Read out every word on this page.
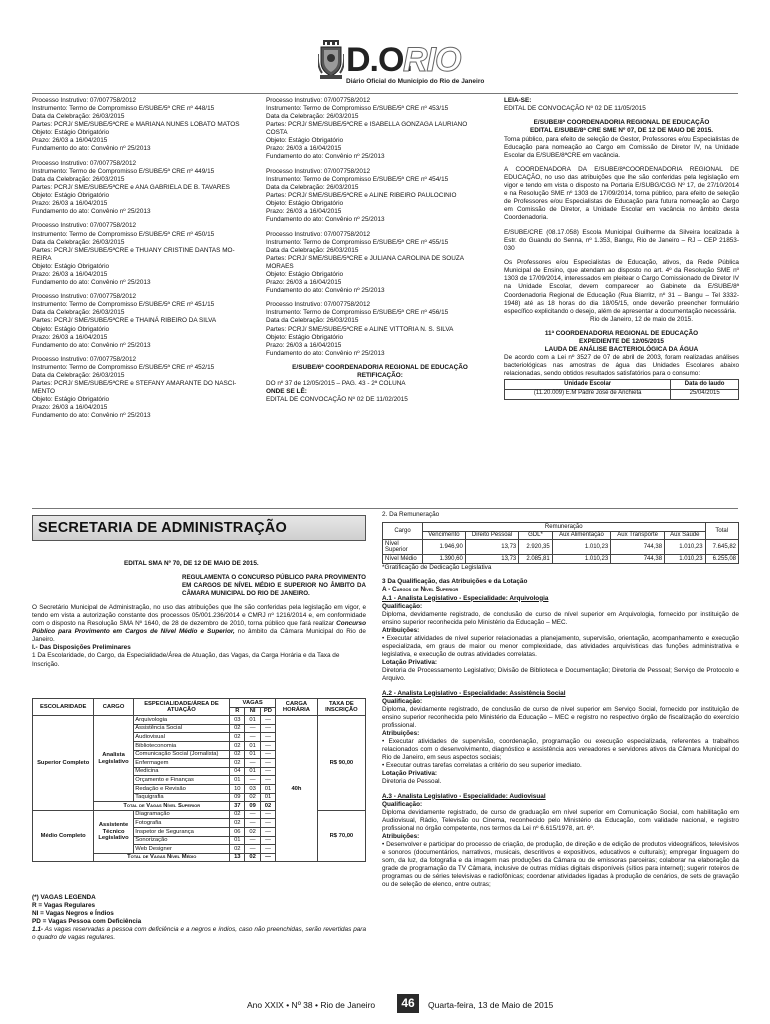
D.O.
RIO
Diário Oficial do Município do Rio de Janeiro
Processo Instrutivo: 07/007758/2012
Instrumento: Termo de Compromisso E/SUBE/5ª CRE nº 448/15
Data da Celebração: 26/03/2015
Partes: PCRJ/ SME/SUBE/5ªCRE e MARIANA NUNES LOBATO MATOS
Objeto: Estágio Obrigatório
Prazo: 26/03 a 16/04/2015
Fundamento do ato: Convênio nº 25/2013
Processo Instrutivo: 07/007758/2012
Instrumento: Termo de Compromisso E/SUBE/5ª CRE nº 449/15
Data da Celebração: 26/03/2015
Partes: PCRJ/ SME/SUBE/5ªCRE e ANA GABRIELA DE B. TAVARES
Objeto: Estágio Obrigatório
Prazo: 26/03 a 16/04/2015
Fundamento do ato: Convênio nº 25/2013
Processo Instrutivo: 07/007758/2012
Instrumento: Termo de Compromisso E/SUBE/5ª CRE nº 450/15
Data da Celebração: 26/03/2015
Partes: PCRJ/ SME/SUBE/5ªCRE e THUANY CRISTINE DANTAS MO-
REIRA
Objeto: Estágio Obrigatório
Prazo: 26/03 a 16/04/2015
Fundamento do ato: Convênio nº 25/2013
Processo Instrutivo: 07/007758/2012
Instrumento: Termo de Compromisso E/SUBE/5ª CRE nº 451/15
Data da Celebração: 26/03/2015
Partes: PCRJ/ SME/SUBE/5ªCRE e THAINÁ RIBEIRO DA SILVA
Objeto: Estágio Obrigatório
Prazo: 26/03 a 16/04/2015
Fundamento do ato: Convênio nº 25/2013
Processo Instrutivo: 07/007758/2012
Instrumento: Termo de Compromisso E/SUBE/5ª CRE nº 452/15
Data da Celebração: 26/03/2015
Partes: PCRJ/ SME/SUBE/5ªCRE e STEFANY AMARANTE DO NASCI-
MENTO
Objeto: Estágio Obrigatório
Prazo: 26/03 a 16/04/2015
Fundamento do ato: Convênio nº 25/2013
Processo Instrutivo: 07/007758/2012
Instrumento: Termo de Compromisso E/SUBE/5ª CRE nº 453/15
Data da Celebração: 26/03/2015
Partes: PCRJ/ SME/SUBE/5ªCRE e ISABELLA GONZAGA LAURIANO
COSTA
Objeto: Estágio Obrigatório
Prazo: 26/03 a 16/04/2015
Fundamento do ato: Convênio nº 25/2013
Processo Instrutivo: 07/007758/2012
Instrumento: Termo de Compromisso E/SUBE/5ª CRE nº 454/15
Data da Celebração: 26/03/2015
Partes: PCRJ/ SME/SUBE/5ªCRE e ALINE RIBEIRO PAULOCINIO
Objeto: Estágio Obrigatório
Prazo: 26/03 a 16/04/2015
Fundamento do ato: Convênio nº 25/2013
Processo Instrutivo: 07/007758/2012
Instrumento: Termo de Compromisso E/SUBE/5ª CRE nº 455/15
Data da Celebração: 26/03/2015
Partes: PCRJ/ SME/SUBE/5ªCRE e JULIANA CAROLINA DE SOUZA
MORAES
Objeto: Estágio Obrigatório
Prazo: 26/03 a 16/04/2015
Fundamento do ato: Convênio nº 25/2013
Processo Instrutivo: 07/007758/2012
Instrumento: Termo de Compromisso E/SUBE/5ª CRE nº 456/15
Data da Celebração: 26/03/2015
Partes: PCRJ/ SME/SUBE/5ªCRE e ALINE VITTORIA N. S. SILVA
Objeto: Estágio Obrigatório
Prazo: 26/03 a 16/04/2015
Fundamento do ato: Convênio nº 25/2013
E/SUBE/6ª COORDENADORIA REGIONAL DE EDUCAÇÃO
RETIFICAÇÃO:
DO nº 37 de 12/05/2015 – PAG. 43 - 2ª COLUNA
ONDE SE LÊ:
EDITAL DE CONVOCAÇÃO Nº 02 DE 11/02/2015
LEIA-SE:
EDITAL DE CONVOCAÇÃO Nº 02 DE 11/05/2015
E/SUBE/8ª COORDENADORIA REGIONAL DE EDUCAÇÃO
EDITAL E/SUBE/8ª CRE SME Nº 07, DE 12 DE MAIO DE 2015.
Torna público, para efeito de seleção de Gestor, Professores e/ou Especialistas de Educação para nomeação ao Cargo em Comissão de Diretor IV, na Unidade Escolar da E/SUBE/8ªCRE em vacância.
A COORDENADORA DA E/SUBE/8ªCOORDENADORIA REGIONAL DE EDUCAÇÃO, no uso das atribuições que lhe são conferidas pela legislação em vigor e tendo em vista o disposto na Portaria E/SUBG/CGG Nº 17, de 27/10/2014 e na Resolução SME nº 1303 de 17/09/2014, torna público, para efeito de seleção de Professores e/ou Especialistas de Educação para futura nomeação ao Cargo em Comissão de Diretor, a Unidade Escolar em vacância no âmbito desta Coordenadoria.
E/SUBE/CRE (08.17.058) Escola Municipal Guilherme da Silveira localizada à Estr. do Guandu do Senna, nº 1.353, Bangu, Rio de Janeiro – RJ – CEP 21853-030
Os Professores e/ou Especialistas de Educação, ativos, da Rede Pública Municipal de Ensino, que atendam ao disposto no art. 4º da Resolução SME nº 1303 de 17/09/2014, interessados em pleitear o Cargo Comissionado de Diretor IV na Unidade Escolar, devem comparecer ao Gabinete da E/SUBE/8ª Coordenadoria Regional de Educação (Rua Biarritz, nº 31 – Bangu – Tel 3332-1948) até as 18 horas do dia 18/05/15, onde deverão preencher formulário específico explicitando o desejo, além de apresentar a documentação necessária.
Rio de Janeiro, 12 de maio de 2015.
11ª COORDENADORIA REGIONAL DE EDUCAÇÃO
EXPEDIENTE DE 12/05/2015
LAUDA DE ANÁLISE BACTERIOLÓGICA DA ÁGUA
De acordo com a Lei nº 3527 de 07 de abril de 2003, foram realizadas análises bacteriológicas nas amostras de água das Unidades Escolares abaixo relacionadas, sendo obtidos resultados satisfatórios para o consumo:
Unidade Escolar	Data do laudo
(11.20.009) E.M Padre José de Anchieta	25/04/2015
SECRETARIA DE ADMINISTRAÇÃO
EDITAL SMA Nº 70, DE 12 DE MAIO DE 2015.
REGULAMENTA O CONCURSO PÚBLICO PARA PROVIMENTO EM CARGOS DE NÍVEL MÉDIO E SUPERIOR NO ÂMBITO DA CÂMARA MUNICIPAL DO RIO DE JANEIRO.
O Secretário Municipal de Administração, no uso das atribuições que lhe são conferidas pela legislação em vigor, e tendo em vista a autorização constante dos processos 05/001.236/2014 e CMRJ nº 1216/2014 e, em conformidade com o disposto na Resolução SMA Nº 1640, de 28 de dezembro de 2010, torna público que fará realizar Concurso Público para Provimento em Cargos de Nível Médio e Superior, no âmbito da Câmara Municipal do Rio de Janeiro.
I.- Das Disposições Preliminares
1 Da Escolaridade, do Cargo, da Especialidade/Área de Atuação, das Vagas, da Carga Horária e da Taxa de Inscrição.
ESCOLARIDADE	CARGO	ESPECIALIDADE/ÁREA DE ATUAÇÃO	VAGAS			CARGA HORÁRIA	TAXA DE INSCRIÇÃO
			R	NI	PD		
Superior Completo	Analista Legislativo	Arquivologia	03	01	—	40h	R$ 90,00
		Assistência Social	02	—	—		
		Audiovisual	02	—	—		
		Biblioteconomia	02	01	—		
		Comunicação Social (Jornalista)	02	01	—		
		Enfermagem	02	—	—		
		Medicina	04	01	—		
		Orçamento e Finanças	01	—	—		
		Redação e Revisão	10	03	01		
		Taquigrafia	09	02	01		
	Total de Vagas Nível Superior		37	09	02		
Médio Completo	Assistente Técnico Legislativo	Diagramação	02	—	—		R$ 70,00
		Fotografia	02	—	—		
		Inspetor de Segurança	06	02	—		
		Sonorização	01	—	—		
		Web Designer	02	—	—		
	Total de Vagas Nível Médio		13	02	—		
(*) VAGAS LEGENDA
R = Vagas Regulares
NI = Vagas Negros e Índios
PD = Vagas Pessoa com Deficiência
1.1- As vagas reservadas a pessoa com deficiência e a negros e índios, caso não preenchidas, serão revertidas para o quadro de vagas regulares.
2. Da Remuneração
Cargo	Remuneração						Total
	Vencimento	Direito Pessoal	GDL*	Aux Alimentação	Aux Transporte	Aux Saúde	
Nível Superior	1.946,90	13,73	2.920,35	1.010,23	744,38	1.010,23	7.645,82
Nível Médio	1.390,60	13,73	2.085,81	1.010,23	744,38	1.010,23	6.255,08
*Gratificação de Dedicação Legislativa
3 Da Qualificação, das Atribuições e da Lotação
A - Cargos de Nível Superior
A.1 - Analista Legislativo - Especialidade: Arquivologia
Qualificação:
Diploma, devidamente registrado, de conclusão de curso de nível superior em Arquivologia, fornecido por instituição de ensino superior reconhecida pelo Ministério da Educação – MEC.
Atribuições:
• Executar atividades de nível superior relacionadas a planejamento, supervisão, orientação, acompanhamento e execução especializada, em graus de maior ou menor complexidade, das atividades arquivísticas das funções administrativa e legislativa, e execução de outras atividades correlatas.
Lotação Privativa:
Diretoria de Processamento Legislativo; Divisão de Biblioteca e Documentação; Diretoria de Pessoal; Serviço de Protocolo e Arquivo.
A.2 - Analista Legislativo - Especialidade: Assistência Social
Qualificação:
Diploma, devidamente registrado, de conclusão de curso de nível superior em Serviço Social, fornecido por instituição de ensino superior reconhecida pelo Ministério da Educação – MEC e registro no respectivo órgão de fiscalização do exercício profissional.
Atribuições:
• Executar atividades de supervisão, coordenação, programação ou execução especializada, referentes a trabalhos relacionados com o desenvolvimento, diagnóstico e assistência aos vereadores e servidores ativos da Câmara Municipal do Rio de Janeiro, em seus aspectos sociais;
• Executar outras tarefas correlatas a critério do seu superior imediato.
Lotação Privativa:
Diretoria de Pessoal.
A.3 - Analista Legislativo - Especialidade: Audiovisual
Qualificação:
Diploma devidamente registrado, de curso de graduação em nível superior em Comunicação Social, com habilitação em Audiovisual, Rádio, Televisão ou Cinema, reconhecido pelo Ministério da Educação, com validade nacional, e registro profissional no órgão competente, nos termos da Lei nº 6.615/1978, art. 6º.
Atribuições:
• Desenvolver e participar do processo de criação, de produção, de direção e de edição de produtos videográficos, televisivos e sonoros (documentários, narrativos, musicais, descritivos e expositivos, educativos e culturais); empregar linguagem do som, da luz, da fotografia e da imagem nas produções da Câmara ou de emissoras parceiras; colaborar na elaboração da grade de programação da TV Câmara, inclusive de outras mídias digitais disponíveis (sítios para internet); sugerir roteiros de programas ou de séries televisivas e radiofônicas; coordenar atividades ligadas à produção de cenários, de sets de gravação ou de seleção de elenco, entre outras;
Ano XXIX • Nº 38 • Rio de Janeiro	46	Quarta-feira, 13 de Maio de 2015
